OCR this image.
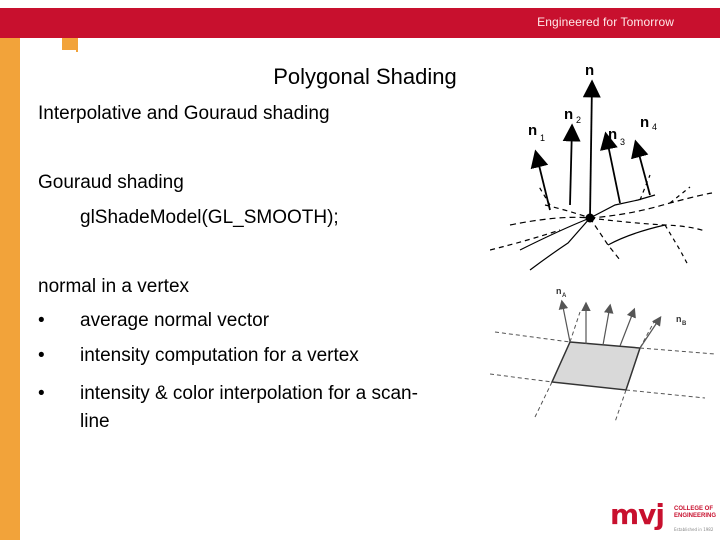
Engineered for Tomorrow
Polygonal Shading
Interpolative and Gouraud shading
Gouraud shading
glShadeModel(GL_SMOOTH);
normal in a vertex
•	average normal vector
•	intensity computation for a vertex
•	intensity & color interpolation for a scan-line
n
n 1
n 2
n 3
n 4
n A
n B
mvj COLLEGE OF
ENGINEERING
Established in 1982
